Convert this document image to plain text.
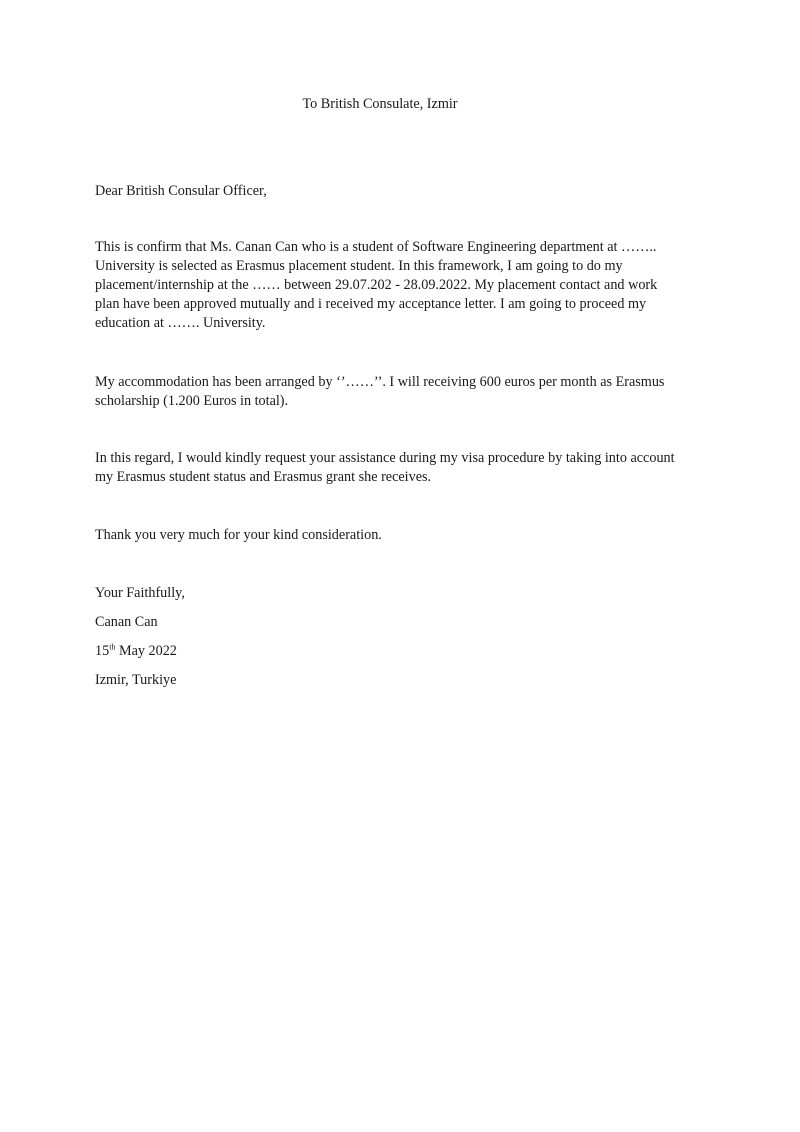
To British Consulate, Izmir

Dear British Consular Officer,

This is confirm that Ms. Canan Can who is a student of Software Engineering department at ……..
University is selected as Erasmus placement student. In this framework, I am going to do my
placement/internship at the …… between 29.07.202 - 28.09.2022. My placement contact and work
plan have been approved mutually and i received my acceptance letter. I am going to proceed my
education at ……. University.
My accommodation has been arranged by ‘’……’’. I will receiving 600 euros per month as Erasmus
scholarship (1.200 Euros in total).
In this regard, I would kindly request your assistance during my visa procedure by taking into account
my Erasmus student status and Erasmus grant she receives.

Thank you very much for your kind consideration.

Your Faithfully,

Canan Can

15th May 2022

Izmir, Turkiye
